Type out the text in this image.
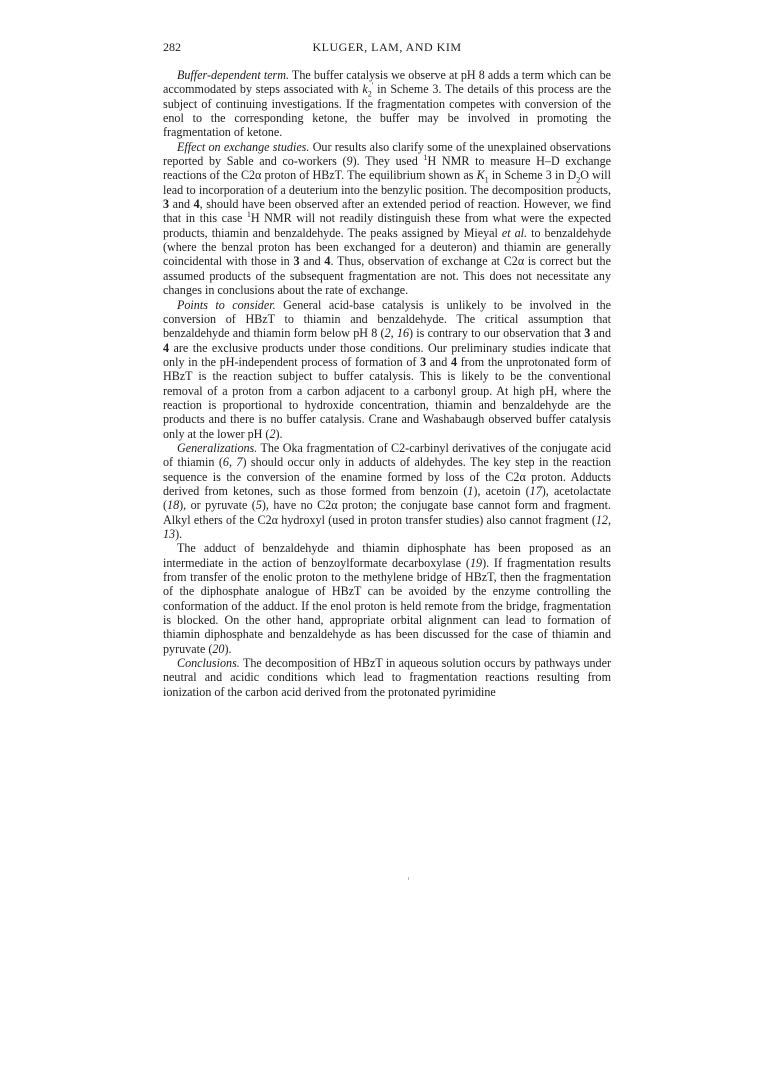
282	KLUGER, LAM, AND KIM

Buffer-dependent term. The buffer catalysis we observe at pH 8 adds a term which can be accommodated by steps associated with $k_2'$ in Scheme 3. The details of this process are the subject of continuing investigations. If the fragmentation competes with conversion of the enol to the corresponding ketone, the buffer may be involved in promoting the fragmentation of ketone.

Effect on exchange studies. Our results also clarify some of the unexplained observations reported by Sable and co-workers (9). They used $^1$H NMR to measure H–D exchange reactions of the C2α proton of HBzT. The equilibrium shown as $K_1$ in Scheme 3 in $D_2O$ will lead to incorporation of a deuterium into the benzylic position. The decomposition products, 3 and 4, should have been observed after an extended period of reaction. However, we find that in this case $^1$H NMR will not readily distinguish these from what were the expected products, thiamin and benzaldehyde. The peaks assigned by Mieyal et al. to benzaldehyde (where the benzal proton has been exchanged for a deuteron) and thiamin are generally coincidental with those in 3 and 4. Thus, observation of exchange at C2α is correct but the assumed products of the subsequent fragmentation are not. This does not necessitate any changes in conclusions about the rate of exchange.

Points to consider. General acid-base catalysis is unlikely to be involved in the conversion of HBzT to thiamin and benzaldehyde. The critical assumption that benzaldehyde and thiamin form below pH 8 (2, 16) is contrary to our observation that 3 and 4 are the exclusive products under those conditions. Our preliminary studies indicate that only in the pH-independent process of formation of 3 and 4 from the unprotonated form of HBzT is the reaction subject to buffer catalysis. This is likely to be the conventional removal of a proton from a carbon adjacent to a carbonyl group. At high pH, where the reaction is proportional to hydroxide concentration, thiamin and benzaldehyde are the products and there is no buffer catalysis. Crane and Washabaugh observed buffer catalysis only at the lower pH (2).

Generalizations. The Oka fragmentation of C2-carbinyl derivatives of the conjugate acid of thiamin (6, 7) should occur only in adducts of aldehydes. The key step in the reaction sequence is the conversion of the enamine formed by loss of the C2α proton. Adducts derived from ketones, such as those formed from benzoin (1), acetoin (17), acetolactate (18), or pyruvate (5), have no C2α proton; the conjugate base cannot form and fragment. Alkyl ethers of the C2α hydroxyl (used in proton transfer studies) also cannot fragment (12, 13).

The adduct of benzaldehyde and thiamin diphosphate has been proposed as an intermediate in the action of benzoylformate decarboxylase (19). If fragmentation results from transfer of the enolic proton to the methylene bridge of HBzT, then the fragmentation of the diphosphate analogue of HBzT can be avoided by the enzyme controlling the conformation of the adduct. If the enol proton is held remote from the bridge, fragmentation is blocked. On the other hand, appropriate orbital alignment can lead to formation of thiamin diphosphate and benzaldehyde as has been discussed for the case of thiamin and pyruvate (20).

Conclusions. The decomposition of HBzT in aqueous solution occurs by pathways under neutral and acidic conditions which lead to fragmentation reactions resulting from ionization of the carbon acid derived from the protonated pyrimidine
